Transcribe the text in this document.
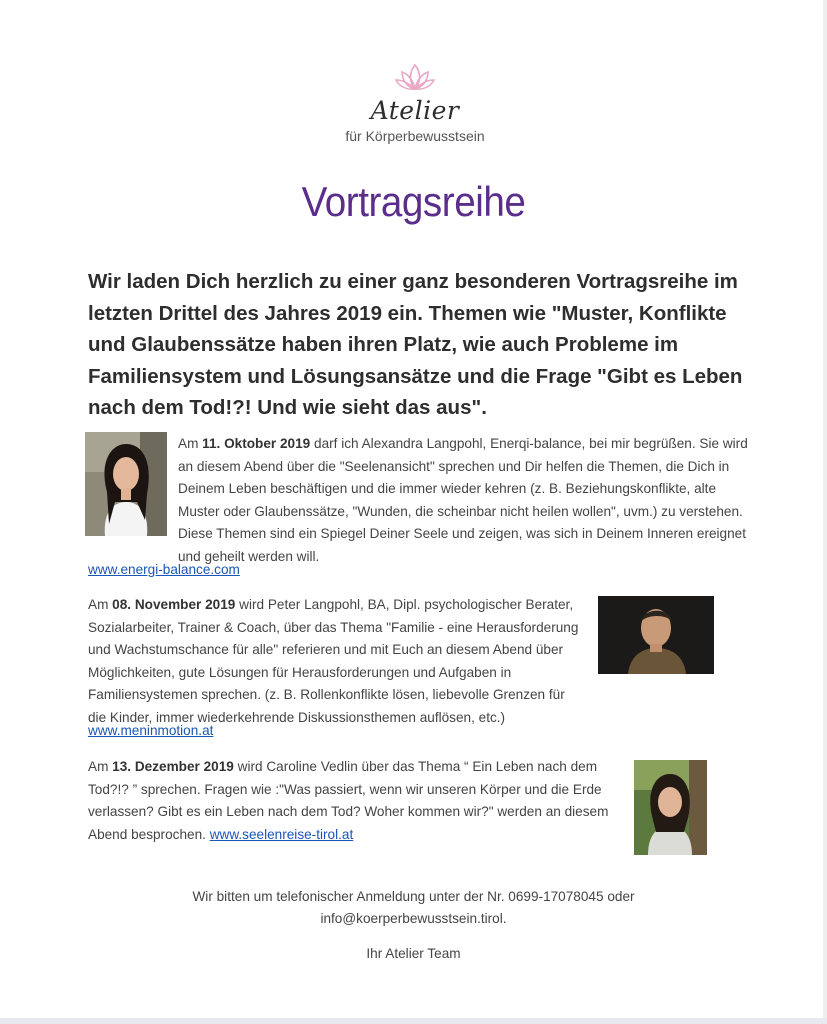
Atelier
für Körperbewusstsein
Vortragsreihe
Wir laden Dich herzlich zu einer ganz besonderen Vortragsreihe im letzten Drittel des Jahres 2019 ein. Themen wie "Muster, Konflikte und Glaubenssätze haben ihren Platz, wie auch Probleme im Familiensystem und Lösungsansätze und die Frage "Gibt es Leben nach dem Tod!?! Und wie sieht das aus".
Am 11. Oktober 2019 darf ich Alexandra Langpohl, Enerqi-balance, bei mir begrüßen. Sie wird an diesem Abend über die "Seelenansicht" sprechen und Dir helfen die Themen, die Dich in Deinem Leben beschäftigen und die immer wieder kehren (z. B. Beziehungskonflikte, alte Muster oder Glaubenssätze, "Wunden, die scheinbar nicht heilen wollen", uvm.) zu verstehen. Diese Themen sind ein Spiegel Deiner Seele und zeigen, was sich in Deinem Inneren ereignet und geheilt werden will.
www.energi-balance.com
Am 08. November 2019 wird Peter Langpohl, BA, Dipl. psychologischer Berater, Sozialarbeiter, Trainer & Coach, über das Thema "Familie - eine Herausforderung und Wachstumschance für alle" referieren und mit Euch an diesem Abend über Möglichkeiten, gute Lösungen für Herausforderungen und Aufgaben in Familiensystemen sprechen. (z. B. Rollenkonflikte lösen, liebevolle Grenzen für die Kinder, immer wiederkehrende Diskussionsthemen auflösen, etc.)
www.meninmotion.at
Am 13. Dezember 2019 wird Caroline Vedlin über das Thema “ Ein Leben nach dem Tod?!? ” sprechen. Fragen wie :"Was passiert, wenn wir unseren Körper und die Erde verlassen? Gibt es ein Leben nach dem Tod? Woher kommen wir?" werden an diesem Abend besprochen. www.seelenreise-tirol.at
Wir bitten um telefonischer Anmeldung unter der Nr. 0699-17078045 oder
info@koerperbewusstsein.tirol.
Ihr Atelier Team
